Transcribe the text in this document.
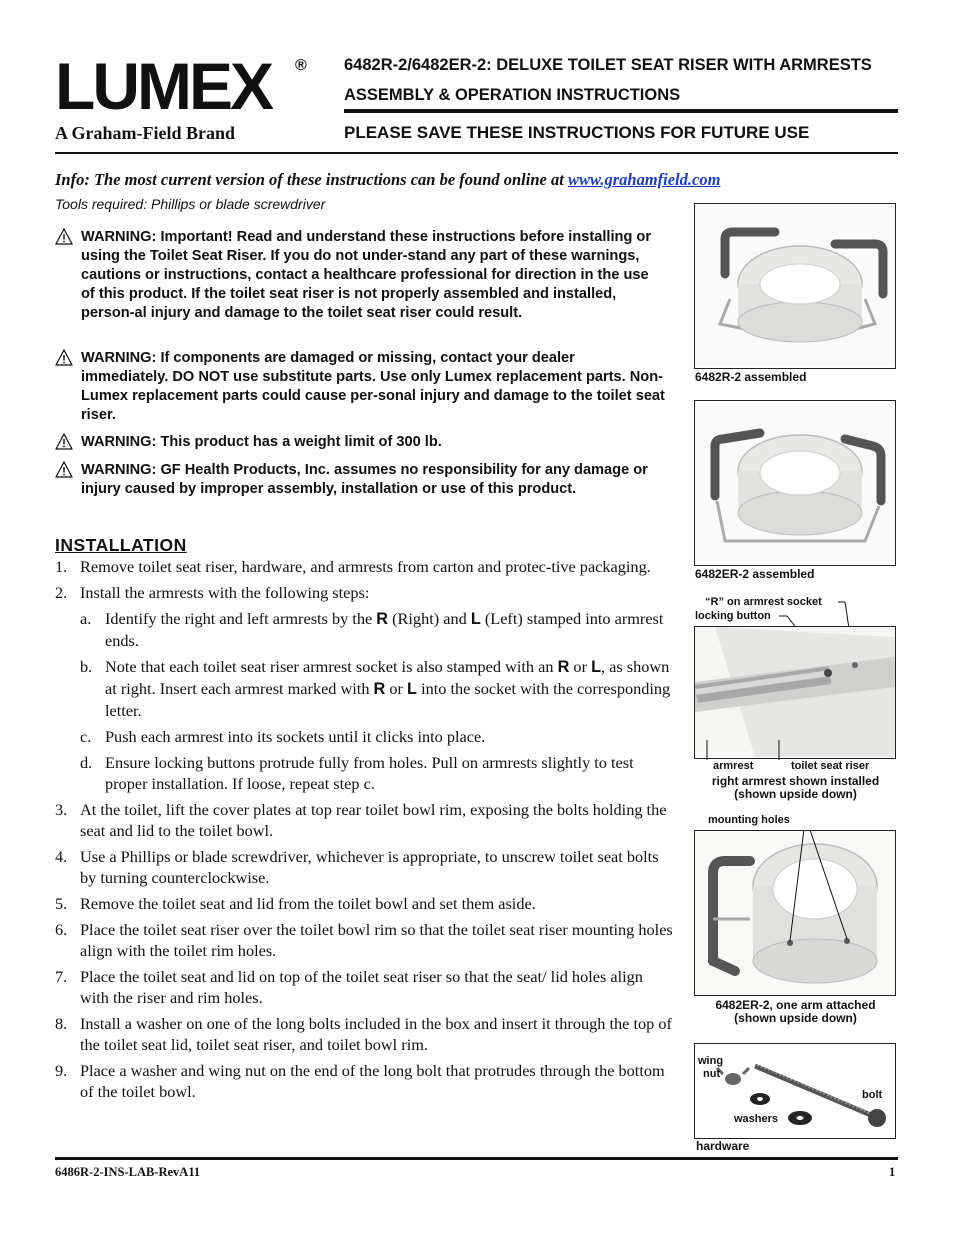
LUMEX ®
A Graham-Field Brand
6482R-2/6482ER-2: DELUXE TOILET SEAT RISER WITH ARMRESTS
ASSEMBLY & OPERATION INSTRUCTIONS
PLEASE SAVE THESE INSTRUCTIONS FOR FUTURE USE
Info: The most current version of these instructions can be found online at www.grahamfield.com
Tools required: Phillips or blade screwdriver
WARNING: Important! Read and understand these instructions before installing or using the Toilet Seat Riser. If you do not under-stand any part of these warnings, cautions or instructions, contact a healthcare professional for direction in the use of this product. If the toilet seat riser is not properly assembled and installed, person-al injury and damage to the toilet seat riser could result.
WARNING: If components are damaged or missing, contact your dealer immediately. DO NOT use substitute parts. Use only Lumex replacement parts. Non-Lumex replacement parts could cause per-sonal injury and damage to the toilet seat riser.
WARNING: This product has a weight limit of 300 lb.
WARNING: GF Health Products, Inc. assumes no responsibility for any damage or injury caused by improper assembly, installation or use of this product.
INSTALLATION
1. Remove toilet seat riser, hardware, and armrests from carton and protec-tive packaging.
2. Install the armrests with the following steps:
a. Identify the right and left armrests by the R (Right) and L (Left) stamped into armrest ends.
b. Note that each toilet seat riser armrest socket is also stamped with an R or L, as shown at right. Insert each armrest marked with R or L into the socket with the corresponding letter.
c. Push each armrest into its sockets until it clicks into place.
d. Ensure locking buttons protrude fully from holes. Pull on armrests slightly to test proper installation. If loose, repeat step c.
3. At the toilet, lift the cover plates at top rear toilet bowl rim, exposing the bolts holding the seat and lid to the toilet bowl.
4. Use a Phillips or blade screwdriver, whichever is appropriate, to unscrew toilet seat bolts by turning counterclockwise.
5. Remove the toilet seat and lid from the toilet bowl and set them aside.
6. Place the toilet seat riser over the toilet bowl rim so that the toilet seat riser mounting holes align with the toilet rim holes.
7. Place the toilet seat and lid on top of the toilet seat riser so that the seat/ lid holes align with the riser and rim holes.
8. Install a washer on one of the long bolts included in the box and insert it through the top of the toilet seat lid, toilet seat riser, and toilet bowl rim.
9. Place a washer and wing nut on the end of the long bolt that protrudes through the bottom of the toilet bowl.
6482R-2 assembled
6482ER-2 assembled
“R” on armrest socket
locking button
armrest	toilet seat riser
right armrest shown installed
(shown upside down)
mounting holes
6482ER-2, one arm attached
(shown upside down)
wing
nut
bolt
washers
hardware
6486R-2-INS-LAB-RevA11	1
